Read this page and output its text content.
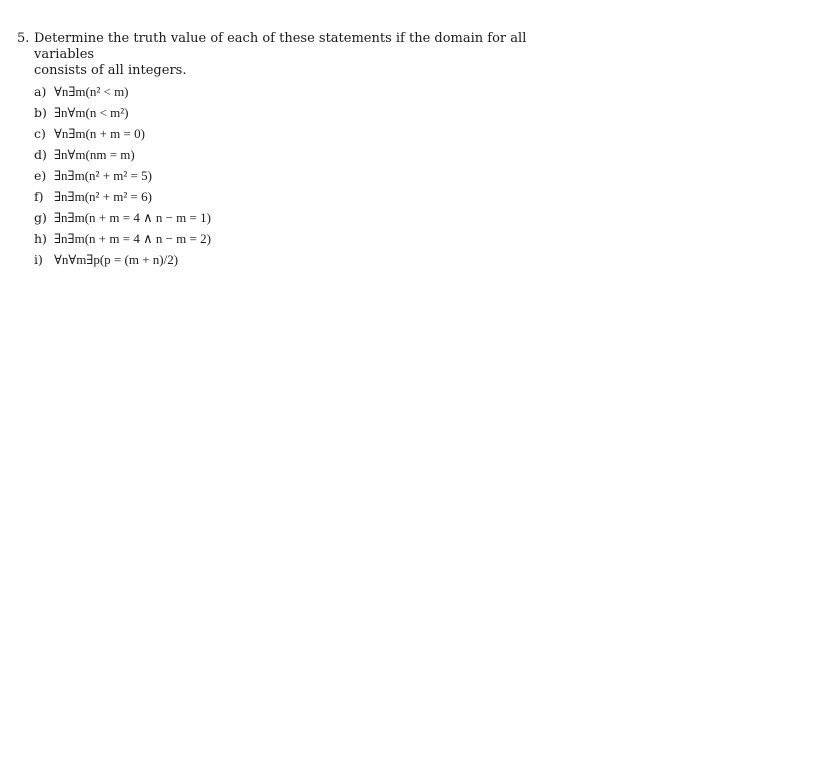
5. Determine the truth value of each of these statements if the domain for all variables
consists of all integers.
a) ∀n∃m(n² < m)
b) ∃n∀m(n < m²)
c) ∀n∃m(n + m = 0)
d) ∃n∀m(nm = m)
e) ∃n∃m(n² + m² = 5)
f) ∃n∃m(n² + m² = 6)
g) ∃n∃m(n + m = 4 ∧ n − m = 1)
h) ∃n∃m(n + m = 4 ∧ n − m = 2)
i) ∀n∀m∃p(p = (m + n)/2)
